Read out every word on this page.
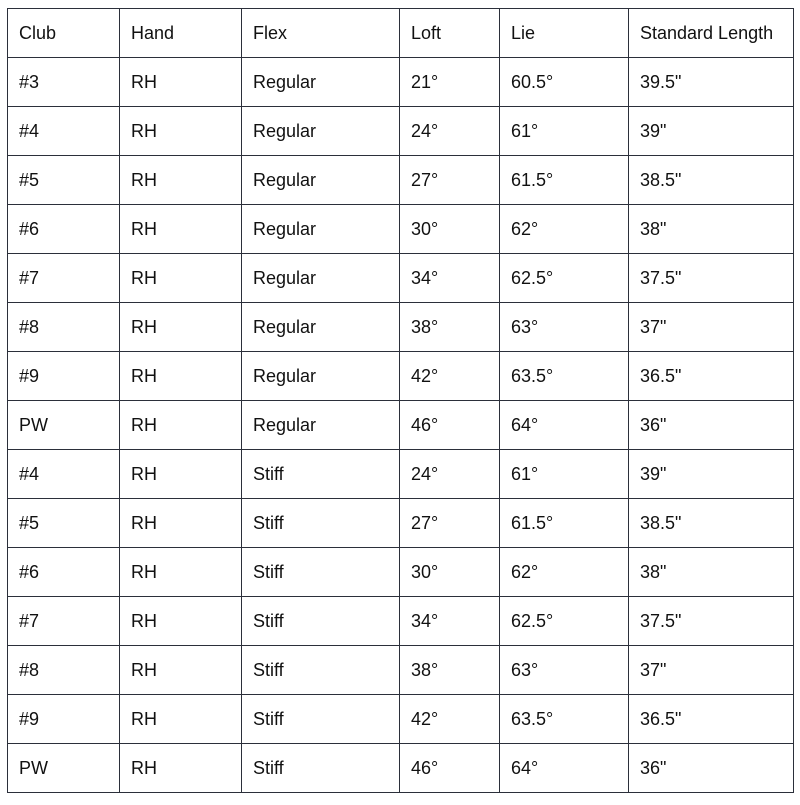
Club	Hand	Flex	Loft	Lie	Standard Length
#3	RH	Regular	21°	60.5°	39.5"
#4	RH	Regular	24°	61°	39"
#5	RH	Regular	27°	61.5°	38.5"
#6	RH	Regular	30°	62°	38"
#7	RH	Regular	34°	62.5°	37.5"
#8	RH	Regular	38°	63°	37"
#9	RH	Regular	42°	63.5°	36.5"
PW	RH	Regular	46°	64°	36"
#4	RH	Stiff	24°	61°	39"
#5	RH	Stiff	27°	61.5°	38.5"
#6	RH	Stiff	30°	62°	38"
#7	RH	Stiff	34°	62.5°	37.5"
#8	RH	Stiff	38°	63°	37"
#9	RH	Stiff	42°	63.5°	36.5"
PW	RH	Stiff	46°	64°	36"
